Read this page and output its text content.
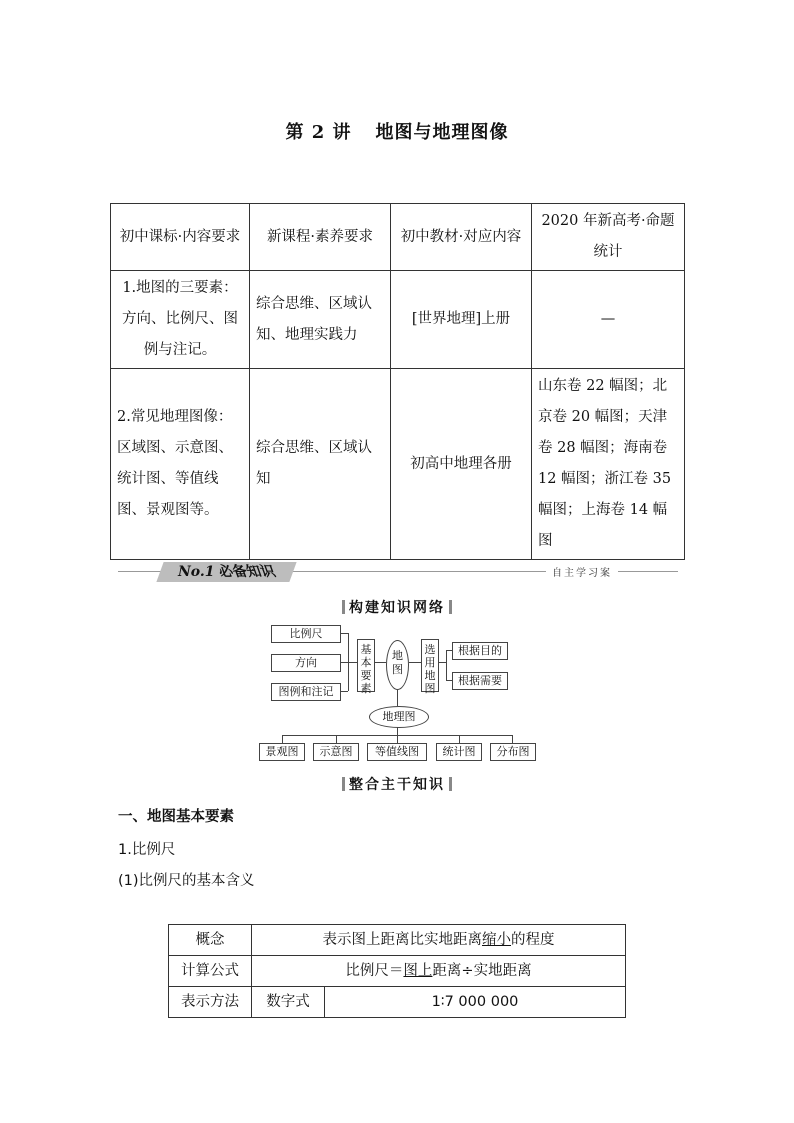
第 2 讲 地图与地理图像
初中课标·内容要求	新课程·素养要求	初中教材·对应内容	2020 年新高考·命题统计
1.地图的三要素：方向、比例尺、图例与注记。	综合思维、区域认知、地理实践力	[世界地理]上册	—
2.常见地理图像：区域图、示意图、统计图、等值线图、景观图等。	综合思维、区域认知	初高中地理各册	山东卷 22 幅图；北京卷 20 幅图；天津卷 28 幅图；海南卷 12 幅图；浙江卷 35 幅图；上海卷 14 幅图
No.1 必备知识	自主学习案
构建知识网络
比例尺
方向
图例和注记
基本要素
地图
选用地图
根据目的
根据需要
地理图
景观图	示意图	等值线图	统计图	分布图
整合主干知识
一、地图基本要素
1.比例尺
(1)比例尺的基本含义
概念	表示图上距离比实地距离缩小的程度	
计算公式	比例尺＝图上距离÷实地距离	
表示方法	数字式	1∶7 000 000
